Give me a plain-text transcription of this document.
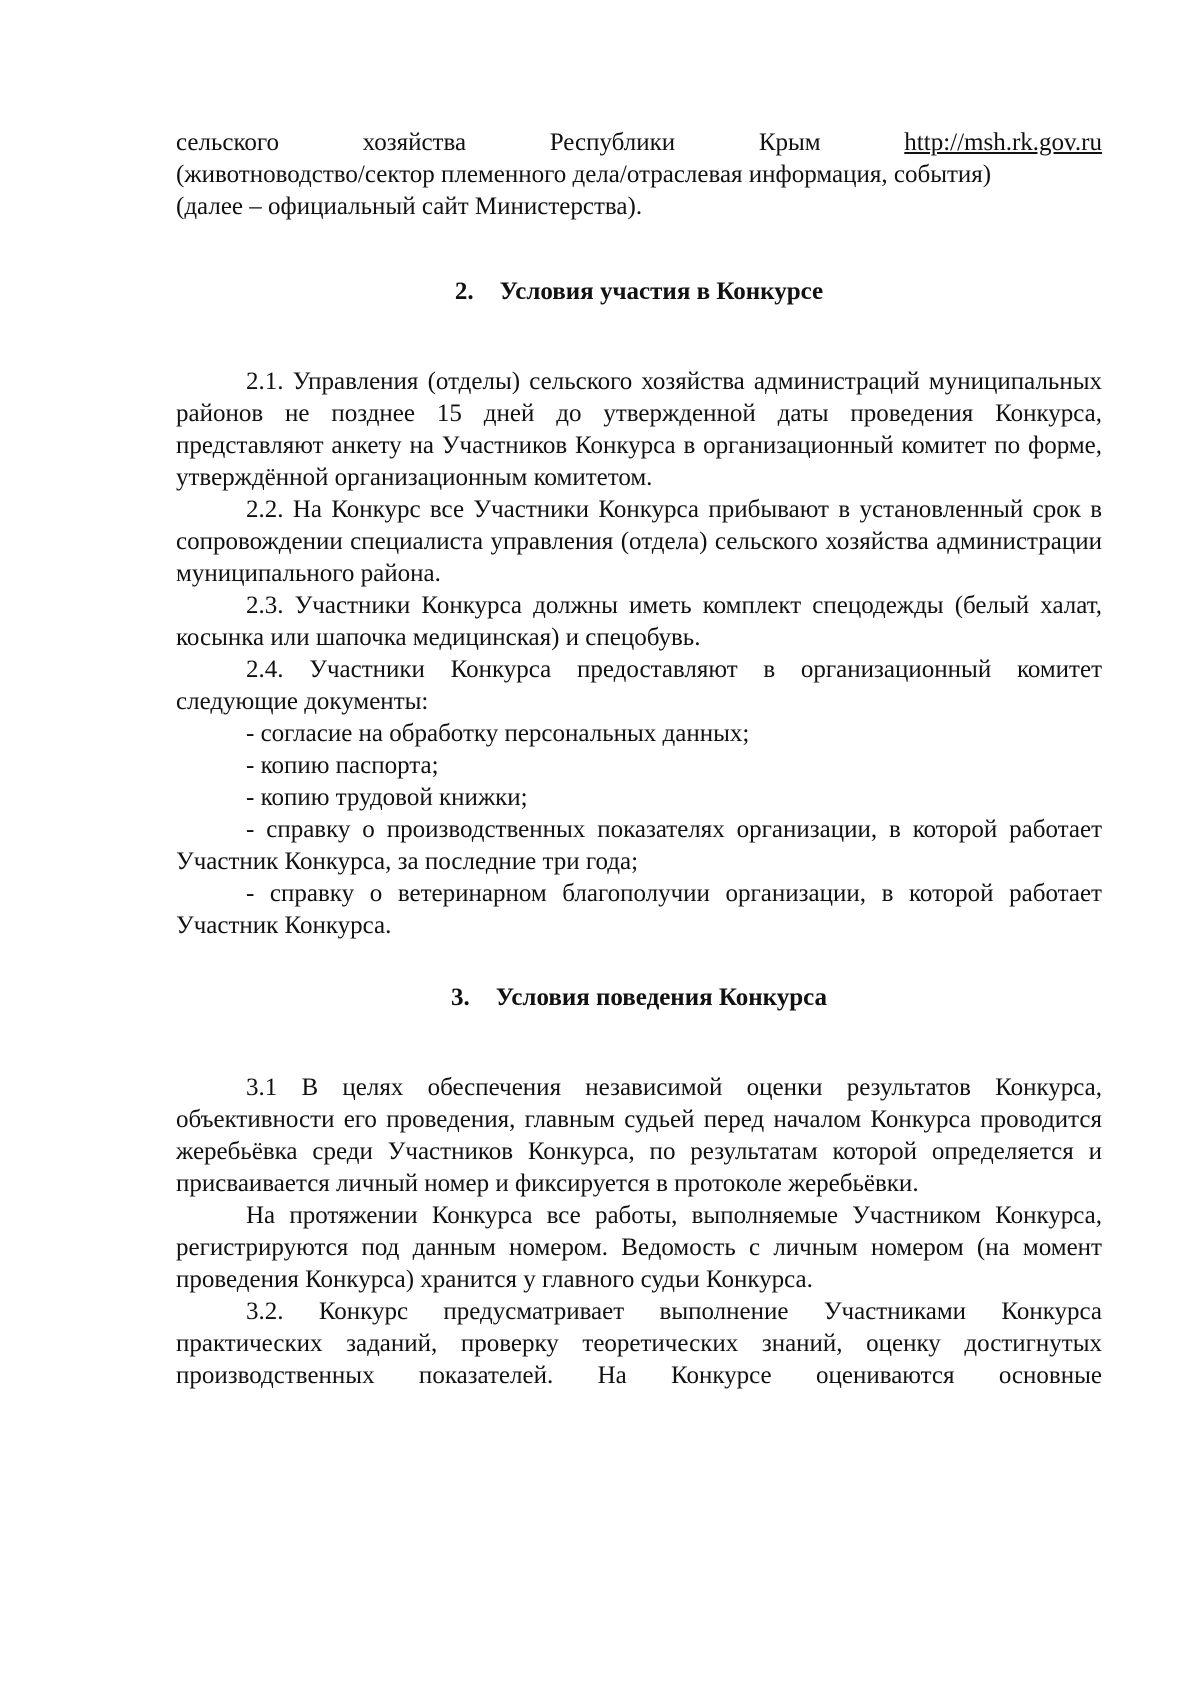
сельского	хозяйства	Республики	Крым	http://msh.rk.gov.ru

(животноводство/сектор племенного дела/отраслевая информация, события)

(далее – официальный сайт Министерства).

2. Условия участия в Конкурсе

2.1. Управления (отделы) сельского хозяйства администраций муниципальных районов не позднее 15 дней до утвержденной даты проведения Конкурса, представляют анкету на Участников Конкурса в организационный комитет по форме, утверждённой организационным комитетом.

2.2. На Конкурс все Участники Конкурса прибывают в установленный срок в сопровождении специалиста управления (отдела) сельского хозяйства администрации муниципального района.

2.3. Участники Конкурса должны иметь комплект спецодежды (белый халат, косынка или шапочка медицинская) и спецобувь.

2.4. Участники Конкурса предоставляют в организационный комитет следующие документы:

- согласие на обработку персональных данных;

- копию паспорта;

- копию трудовой книжки;

- справку о производственных показателях организации, в которой работает Участник Конкурса, за последние три года;

- справку о ветеринарном благополучии организации, в которой работает Участник Конкурса.

3. Условия поведения Конкурса

3.1 В целях обеспечения независимой оценки результатов Конкурса, объективности его проведения, главным судьей перед началом Конкурса проводится жеребьёвка среди Участников Конкурса, по результатам которой определяется и присваивается личный номер и фиксируется в протоколе жеребьёвки.

На протяжении Конкурса все работы, выполняемые Участником Конкурса, регистрируются под данным номером. Ведомость с личным номером (на момент проведения Конкурса) хранится у главного судьи Конкурса.

3.2. Конкурс предусматривает выполнение Участниками Конкурса практических заданий, проверку теоретических знаний, оценку достигнутых производственных показателей. На Конкурсе оцениваются основные
